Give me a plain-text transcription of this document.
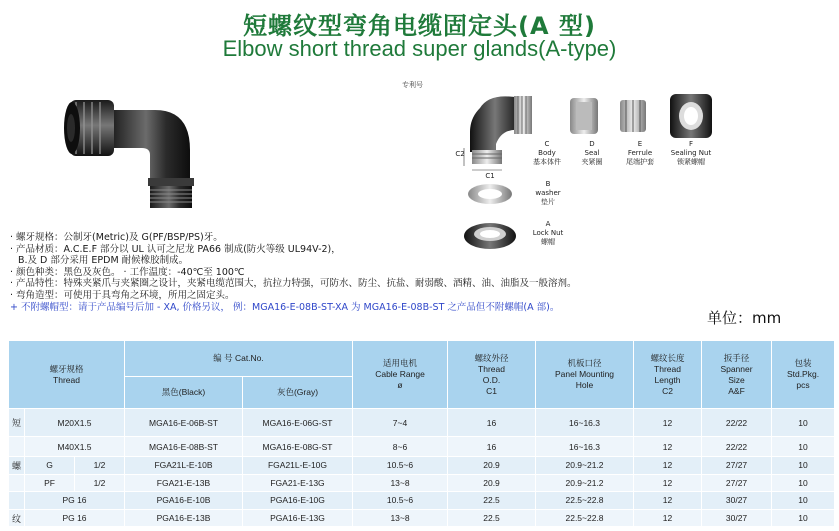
短螺纹型弯角电缆固定头(A 型)
Elbow short thread super glands(A-type)
专利号
C
Body
基本体件
D
Seal
夹紧圈
E
Ferrule
尾端护套
F
Sealing Nut
锁紧螺帽
B
washer
垫片
A
Lock Nut
螺帽
C1
C2
· 螺牙规格：公制牙(Metric)及 G(PF/BSP/PS)牙。
· 产品材质：A.C.E.F 部分以 UL 认可之尼龙 PA66 制成(防火等级 UL94V-2)，
B.及 D 部分采用 EPDM 耐候橡胶制成。
· 颜色种类：黑色及灰色。 · 工作温度：-40℃至 100℃
· 产品特性：特殊夹紧爪与夹紧圈之设计，夹紧电缆范围大，抗拉力特强，可防水、防尘、抗盐、耐弱酸、酒精、油、油脂及一般溶剂。
· 弯角造型：可使用于具弯角之环境，所用之固定头。
+ 不附螺帽型：请于产品编号后加 - XA, 价格另议， 例：MGA16-E-08B-ST-XA 为 MGA16-E-08B-ST 之产品但不附螺帽(A 部)。
单位：mm
螺牙规格
Thread			编 号 Cat.No.		适用电机
Cable Range
ø	螺纹外径
Thread
O.D.
C1	机板口径
Panel Mounting
Hole	螺纹长度
Thread
Length
C2	扳手径
Spanner
Size
A&F	包装
Std.Pkg.
pcs
			黑色(Black)	灰色(Gray)						
短	M20X1.5		MGA16-E-06B-ST	MGA16-E-06G-ST	7~4	16	16~16.3	12	22/22	10
	M40X1.5		MGA16-E-08B-ST	MGA16-E-08G-ST	8~6	16	16~16.3	12	22/22	10
螺	G	1/2	FGA21L-E-10B	FGA21L-E-10G	10.5~6	20.9	20.9~21.2	12	27/27	10
	PF	1/2	FGA21-E-13B	FGA21-E-13G	13~8	20.9	20.9~21.2	12	27/27	10
	PG 16		PGA16-E-10B	PGA16-E-10G	10.5~6	22.5	22.5~22.8	12	30/27	10
纹	PG 16		PGA16-E-13B	PGA16-E-13G	13~8	22.5	22.5~22.8	12	30/27	10
